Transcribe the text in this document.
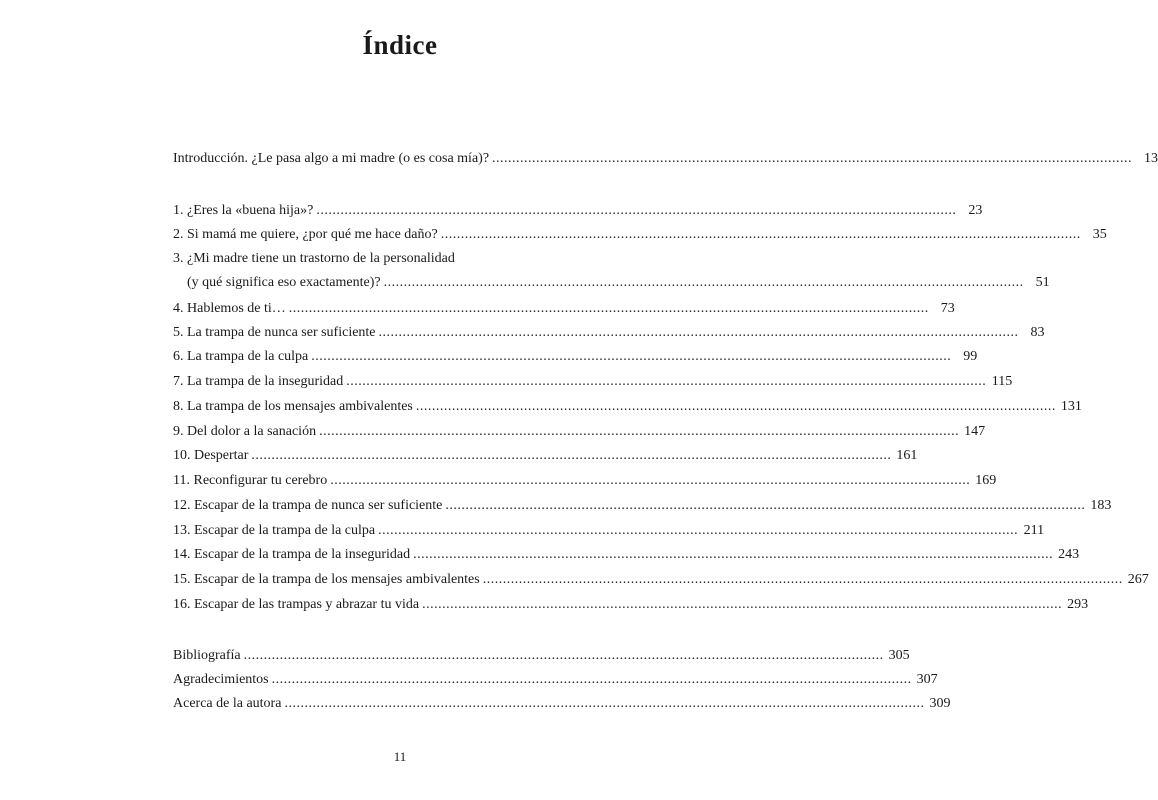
Índice
Introducción. ¿Le pasa algo a mi madre (o es cosa mía)? ................................................................................................................................................................ 13
1. ¿Eres la «buena hija»? ................................................................................................................................................................ 23
2. Si mamá me quiere, ¿por qué me hace daño? ................................................................................................................................................................ 35
3. ¿Mi madre tiene un trastorno de la personalidad
(y qué significa eso exactamente)? ................................................................................................................................................................ 51
4. Hablemos de ti… ................................................................................................................................................................ 73
5. La trampa de nunca ser suficiente ................................................................................................................................................................ 83
6. La trampa de la culpa ................................................................................................................................................................ 99
7. La trampa de la inseguridad ................................................................................................................................................................ 115
8. La trampa de los mensajes ambivalentes ................................................................................................................................................................ 131
9. Del dolor a la sanación ................................................................................................................................................................ 147
10. Despertar ................................................................................................................................................................ 161
11. Reconfigurar tu cerebro ................................................................................................................................................................ 169
12. Escapar de la trampa de nunca ser suficiente ................................................................................................................................................................ 183
13. Escapar de la trampa de la culpa ................................................................................................................................................................ 211
14. Escapar de la trampa de la inseguridad ................................................................................................................................................................ 243
15. Escapar de la trampa de los mensajes ambivalentes ................................................................................................................................................................ 267
16. Escapar de las trampas y abrazar tu vida ................................................................................................................................................................ 293
Bibliografía ................................................................................................................................................................ 305
Agradecimientos ................................................................................................................................................................ 307
Acerca de la autora ................................................................................................................................................................ 309
11
